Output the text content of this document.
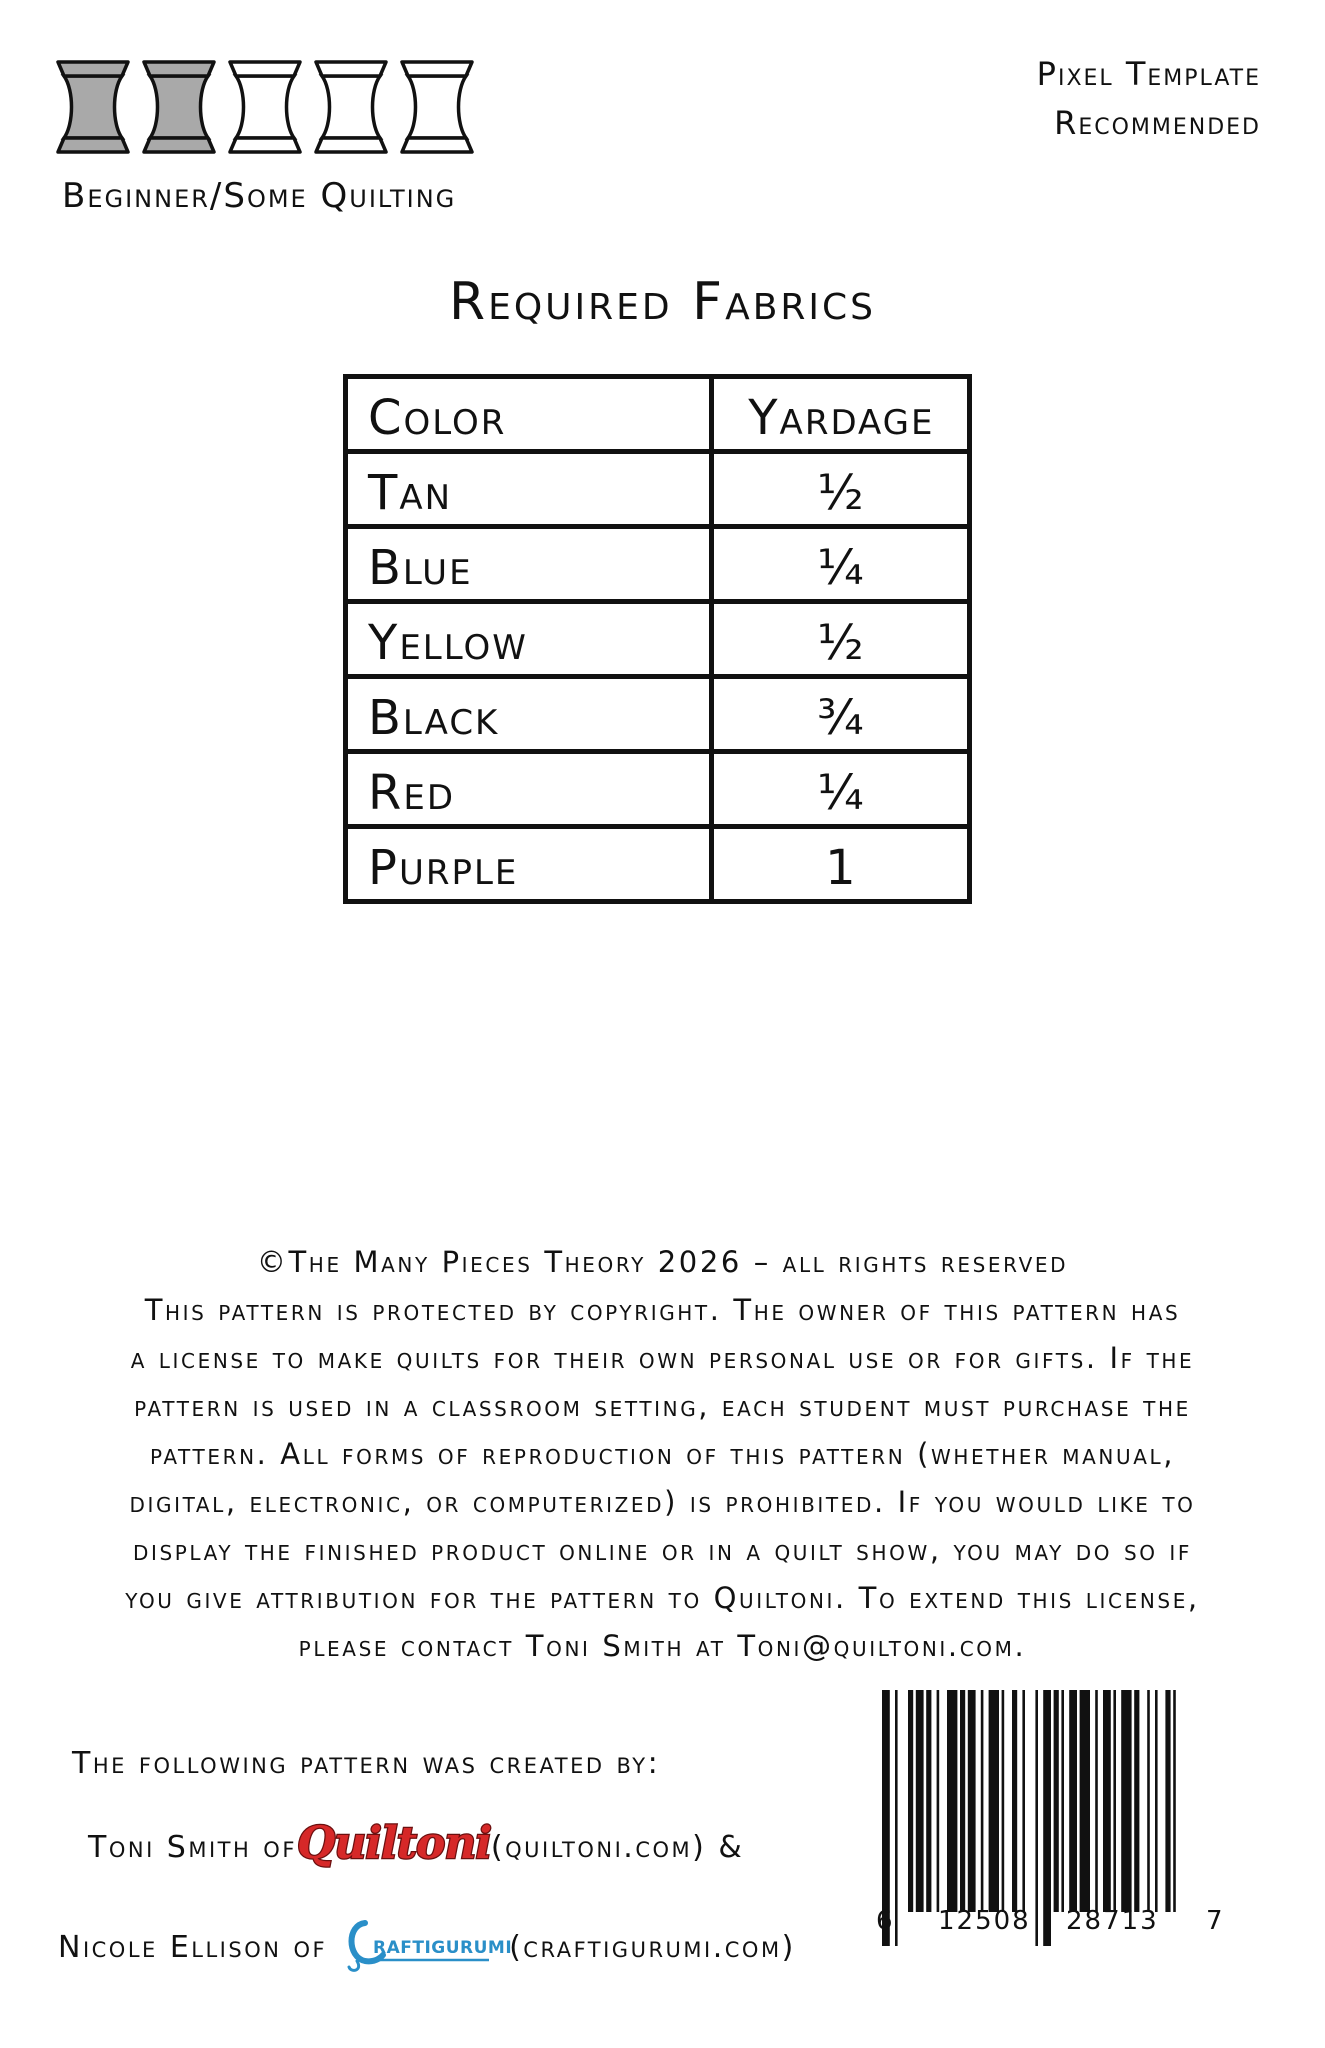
Beginner/Some Quilting
Pixel Template
Recommended
Required Fabrics
Color	Yardage
Tan	½
Blue	¼
Yellow	½
Black	¾
Red	¼
Purple	1

©The Many Pieces Theory 2026 – all rights reserved

This pattern is protected by copyright. The owner of this pattern has

a license to make quilts for their own personal use or for gifts. If the

pattern is used in a classroom setting, each student must purchase the

pattern. All forms of reproduction of this pattern (whether manual,

digital, electronic, or computerized) is prohibited. If you would like to

display the finished product online or in a quilt show, you may do so if

you give attribution for the pattern to Quiltoni. To extend this license,

please contact Toni Smith at Toni@quiltoni.com.

The following pattern was created by:
Toni Smith of Quiltoni (quiltoni.com) &
Nicole Ellison of	RAFTIGURUMI
(craftigurumi.com)
6 12508 28713 7
